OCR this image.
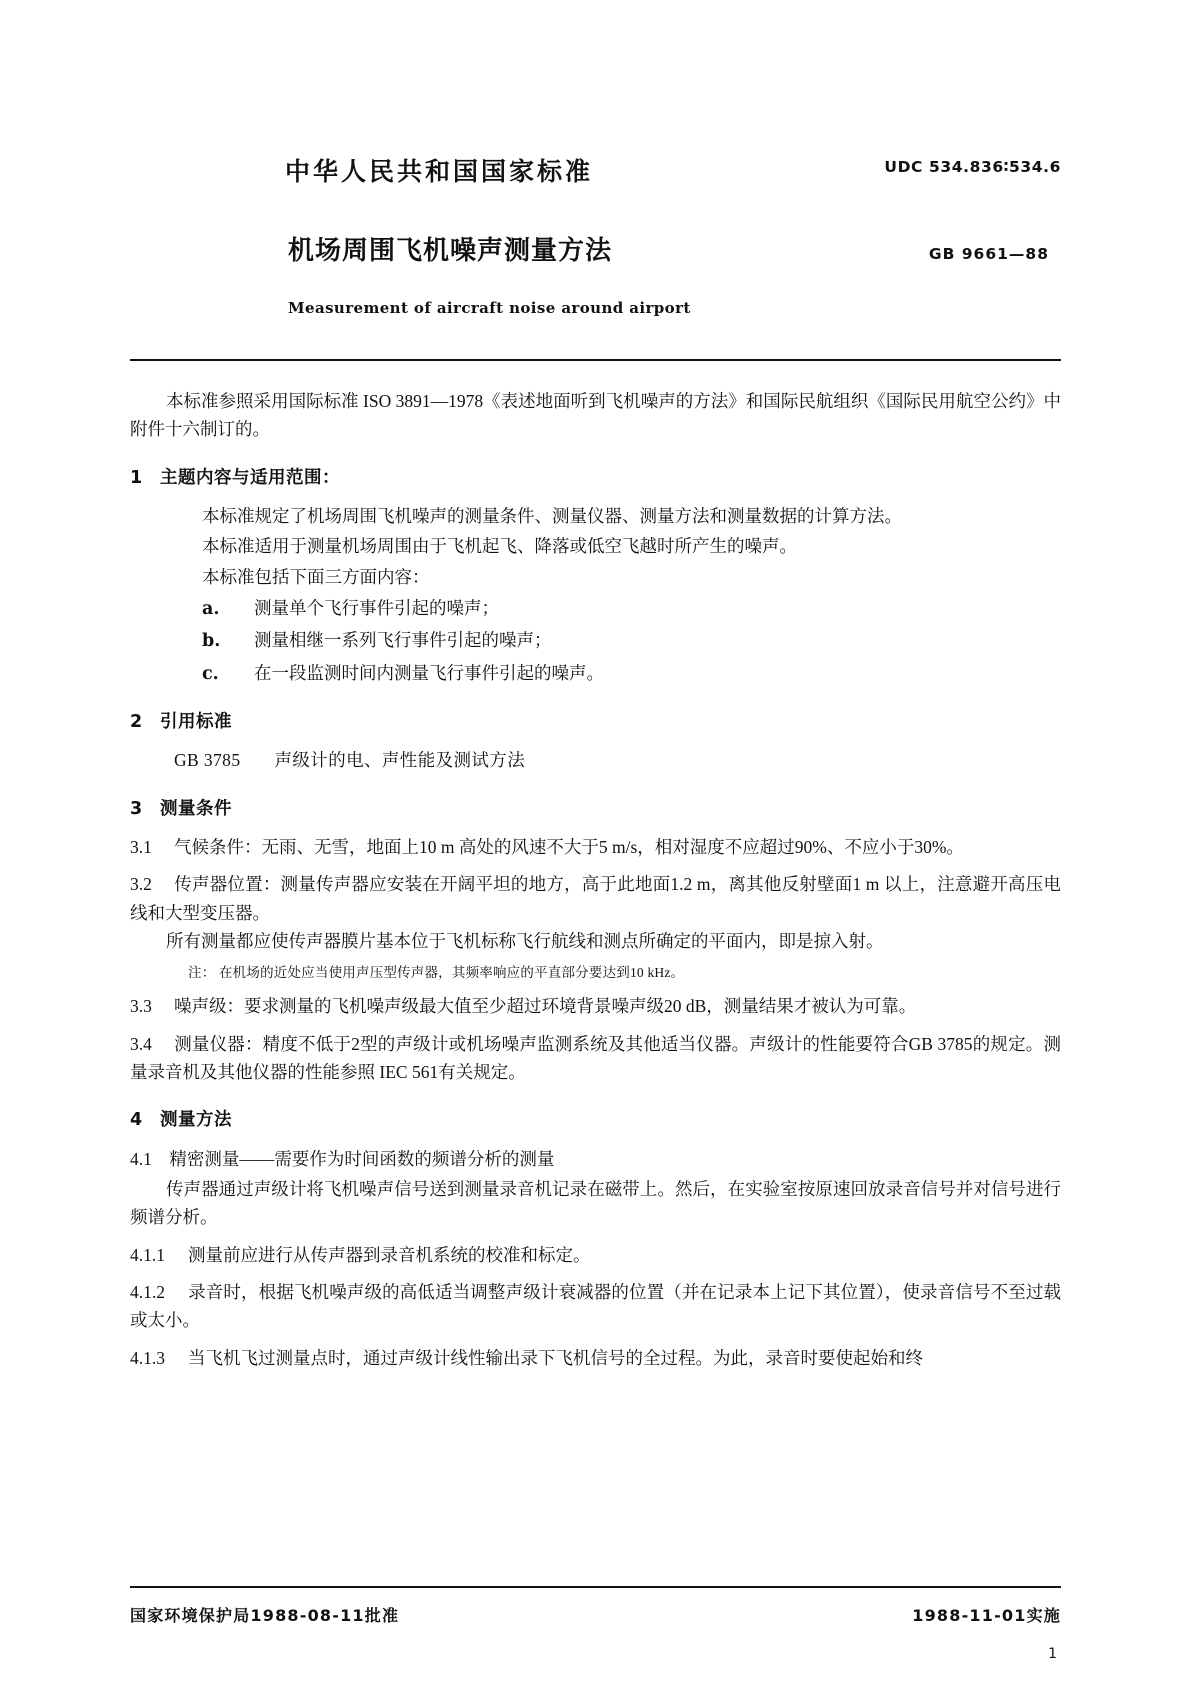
中华人民共和国国家标准	UDC 534.836∶534.6
机场周围飞机噪声测量方法	GB 9661—88
Measurement of aircraft noise around airport

本标准参照采用国际标准 ISO 3891—1978《表述地面听到飞机噪声的方法》和国际民航组织《国际民用航空公约》中附件十六制订的。

1 主题内容与适用范围：

本标准规定了机场周围飞机噪声的测量条件、测量仪器、测量方法和测量数据的计算方法。

本标准适用于测量机场周围由于飞机起飞、降落或低空飞越时所产生的噪声。

本标准包括下面三方面内容：

a. 测量单个飞行事件引起的噪声；

b. 测量相继一系列飞行事件引起的噪声；

c. 在一段监测时间内测量飞行事件引起的噪声。

2 引用标准

GB 3785 声级计的电、声性能及测试方法

3 测量条件

3.1 气候条件：无雨、无雪，地面上10 m 高处的风速不大于5 m/s，相对湿度不应超过90%、不应小于30%。

3.2 传声器位置：测量传声器应安装在开阔平坦的地方，高于此地面1.2 m，离其他反射壁面1 m 以上，注意避开高压电线和大型变压器。

所有测量都应使传声器膜片基本位于飞机标称飞行航线和测点所确定的平面内，即是掠入射。

注： 在机场的近处应当使用声压型传声器，其频率响应的平直部分要达到10 kHz。

3.3 噪声级：要求测量的飞机噪声级最大值至少超过环境背景噪声级20 dB，测量结果才被认为可靠。

3.4 测量仪器：精度不低于2型的声级计或机场噪声监测系统及其他适当仪器。声级计的性能要符合GB 3785的规定。测量录音机及其他仪器的性能参照 IEC 561有关规定。

4 测量方法

4.1　精密测量——需要作为时间函数的频谱分析的测量

传声器通过声级计将飞机噪声信号送到测量录音机记录在磁带上。然后，在实验室按原速回放录音信号并对信号进行频谱分析。

4.1.1 测量前应进行从传声器到录音机系统的校准和标定。

4.1.2 录音时，根据飞机噪声级的高低适当调整声级计衰减器的位置（并在记录本上记下其位置），使录音信号不至过载或太小。

4.1.3 当飞机飞过测量点时，通过声级计线性输出录下飞机信号的全过程。为此，录音时要使起始和终

国家环境保护局1988-08-11批准	1988-11-01实施
1
